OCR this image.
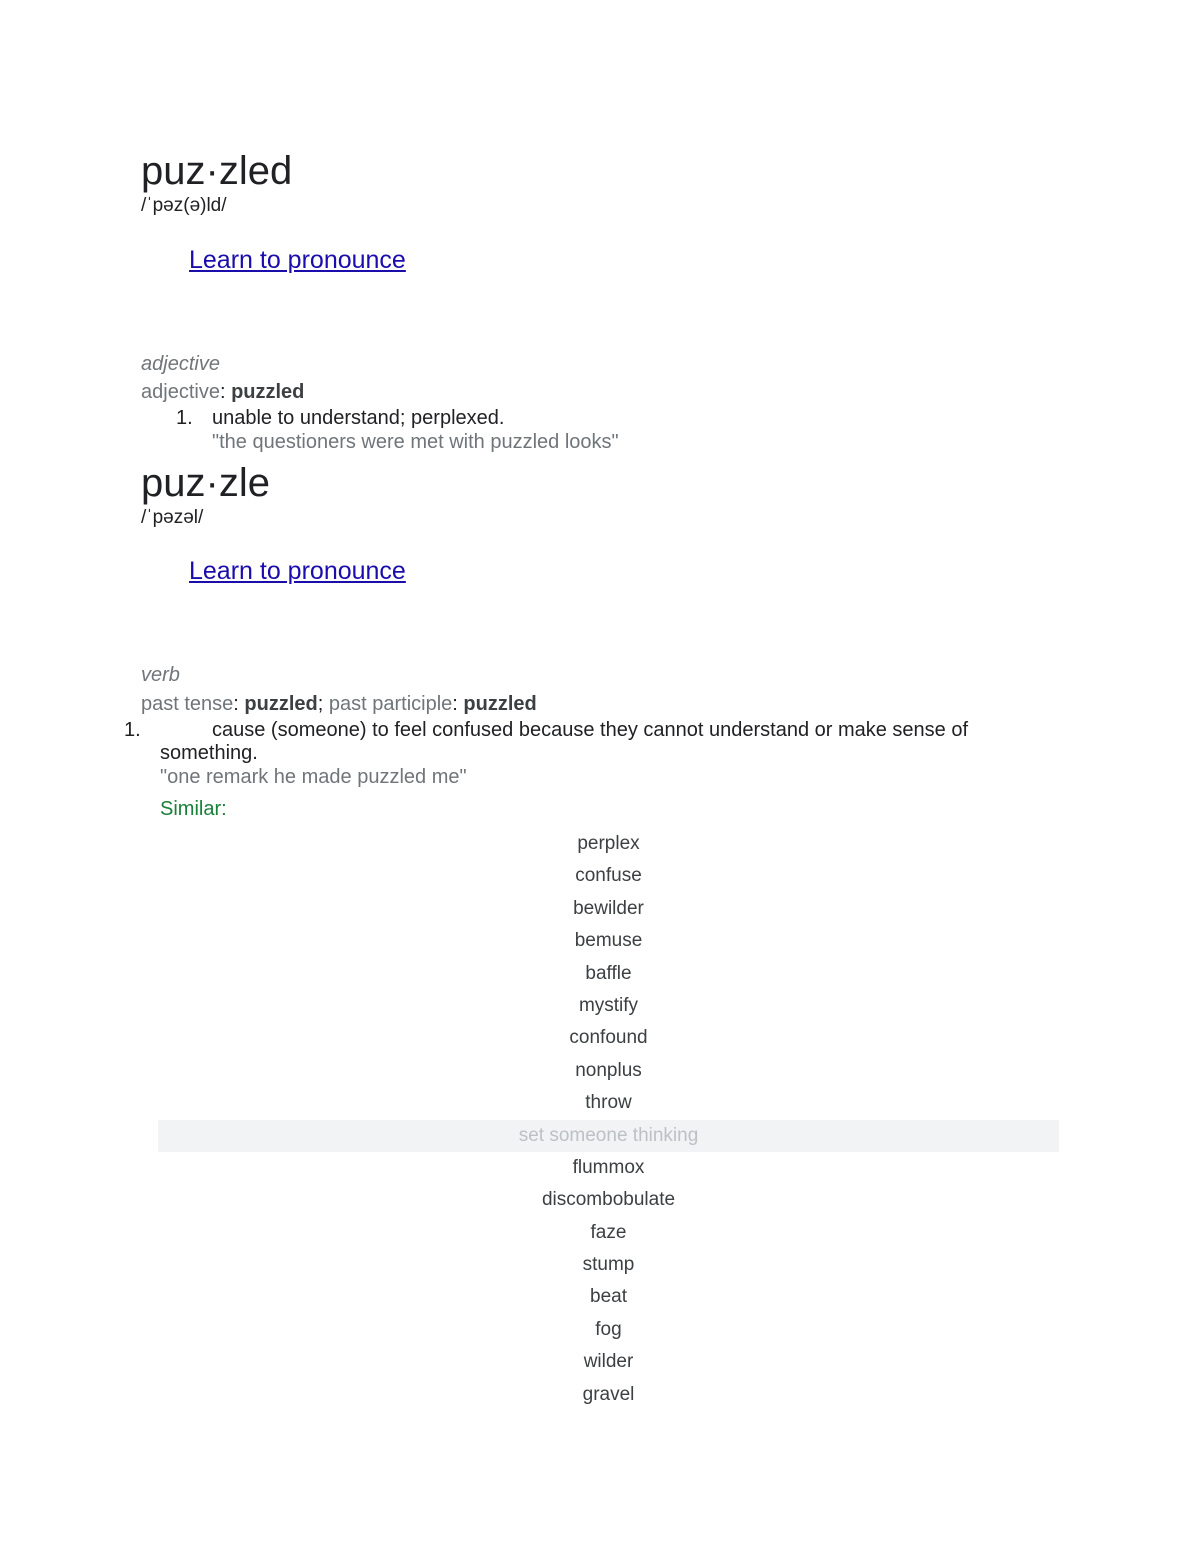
puz·zled
/ˈpəz(ə)ld/
Learn to pronounce
adjective
adjective: puzzled
1. unable to understand; perplexed.
"the questioners were met with puzzled looks"
puz·zle
/ˈpəzəl/
Learn to pronounce
verb
past tense: puzzled; past participle: puzzled
1.	cause (someone) to feel confused because they cannot understand or make sense of
something.
"one remark he made puzzled me"
Similar:
perplex
confuse
bewilder
bemuse
baffle
mystify
confound
nonplus
throw
set someone thinking
flummox
discombobulate
faze
stump
beat
fog
wilder
gravel
